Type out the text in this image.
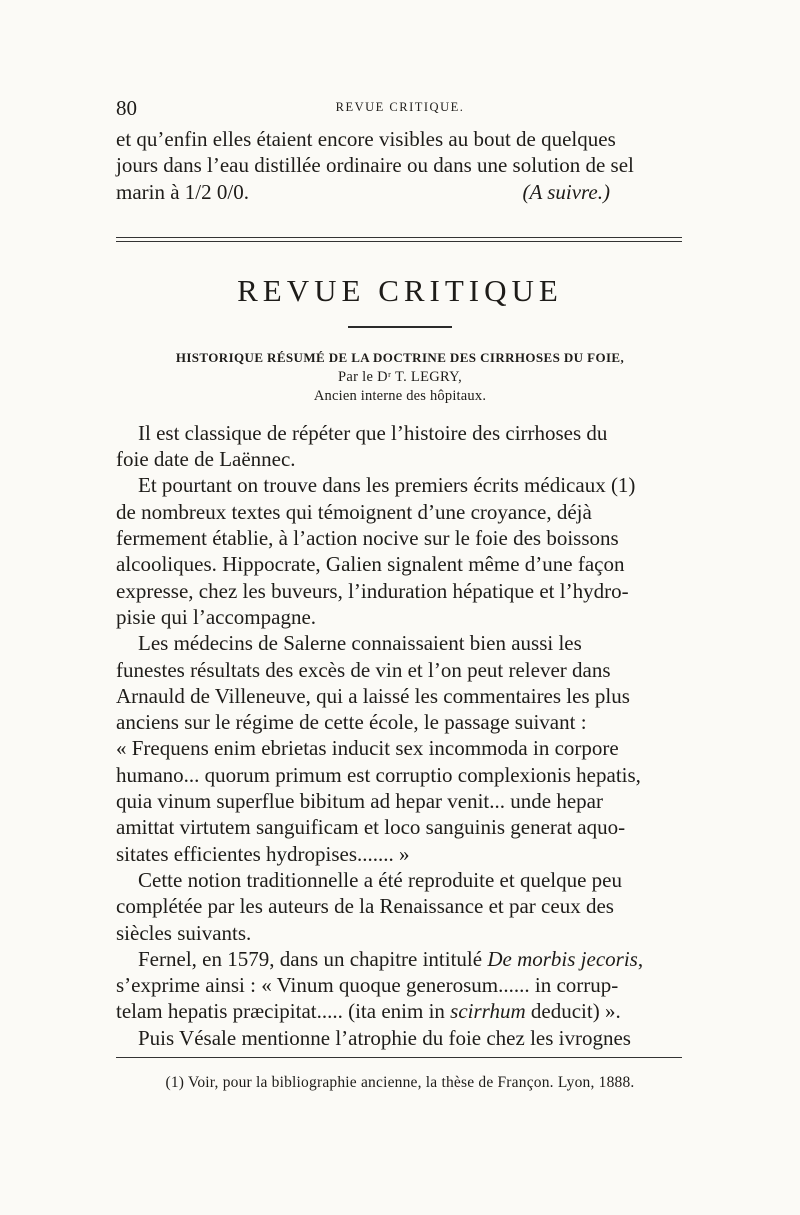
80	REVUE CRITIQUE.
et qu’enfin elles étaient encore visibles au bout de quelques
jours dans l’eau distillée ordinaire ou dans une solution de sel
marin à 1/2 0/0.	(A suivre.)
REVUE CRITIQUE
HISTORIQUE RÉSUMÉ DE LA DOCTRINE DES CIRRHOSES DU FOIE,
Par le Dʳ T. LEGRY,
Ancien interne des hôpitaux.
Il est classique de répéter que l’histoire des cirrhoses du
foie date de Laënnec.
Et pourtant on trouve dans les premiers écrits médicaux (1)
de nombreux textes qui témoignent d’une croyance, déjà
fermement établie, à l’action nocive sur le foie des boissons
alcooliques. Hippocrate, Galien signalent même d’une façon
expresse, chez les buveurs, l’induration hépatique et l’hydro-
pisie qui l’accompagne.
Les médecins de Salerne connaissaient bien aussi les
funestes résultats des excès de vin et l’on peut relever dans
Arnauld de Villeneuve, qui a laissé les commentaires les plus
anciens sur le régime de cette école, le passage suivant :
« Frequens enim ebrietas inducit sex incommoda in corpore
humano... quorum primum est corruptio complexionis hepatis,
quia vinum superflue bibitum ad hepar venit... unde hepar
amittat virtutem sanguificam et loco sanguinis generat aquo-
sitates efficientes hydropises....... »
Cette notion traditionnelle a été reproduite et quelque peu
complétée par les auteurs de la Renaissance et par ceux des
siècles suivants.
Fernel, en 1579, dans un chapitre intitulé De morbis jecoris,
s’exprime ainsi : « Vinum quoque generosum...... in corrup-
telam hepatis præcipitat..... (ita enim in scirrhum deducit) ».
Puis Vésale mentionne l’atrophie du foie chez les ivrognes
(1) Voir, pour la bibliographie ancienne, la thèse de Françon. Lyon, 1888.
